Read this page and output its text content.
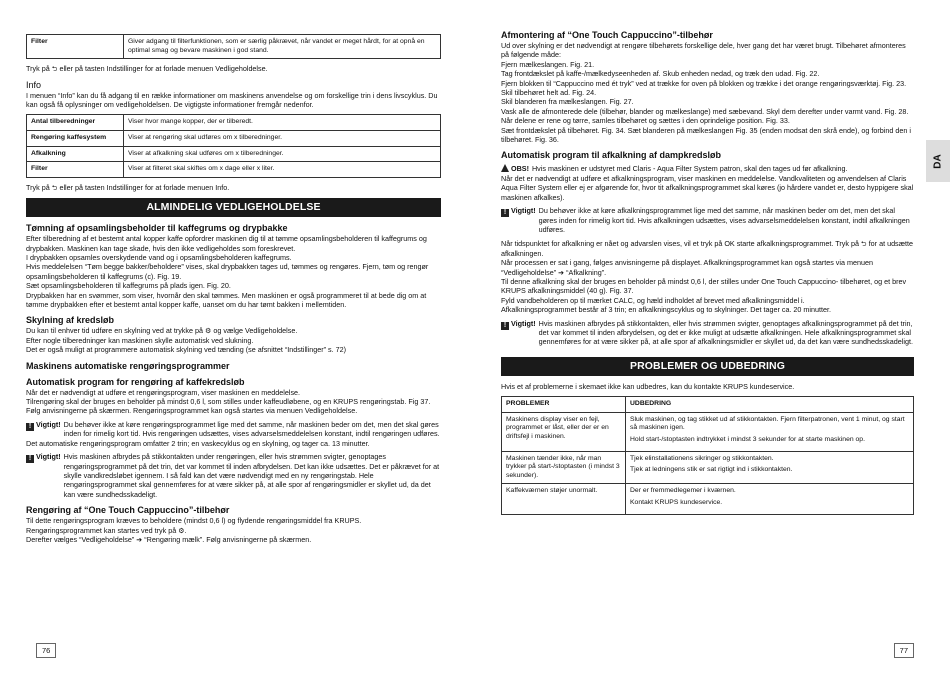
Filter	Giver adgang til filterfunktionen, som er særlig påkrævet, når vandet er meget hårdt, for at opnå en optimal smag og bevare maskinen i god stand.

Tryk på ⮌ eller på tasten Indstillinger for at forlade menuen Vedligeholdelse.

Info

I menuen “Info” kan du få adgang til en række informationer om maskinens anvendelse og om forskellige trin i dens livscyklus. Du kan også få oplysninger om vedligeholdelsen. De vigtigste informationer fremgår nedenfor.

Antal tilberedninger	Viser hvor mange kopper, der er tilberedt.
Rengøring kaffesystem	Viser at rengøring skal udføres om x tilberedninger.
Afkalkning	Viser at afkalkning skal udføres om x tilberedninger.
Filter	Viser at filteret skal skiftes om x dage eller x liter.

Tryk på ⮌ eller på tasten Indstillinger for at forlade menuen Info.

ALMINDELIG VEDLIGEHOLDELSE
Tømning af opsamlingsbeholder til kaffegrums og drypbakke

Efter tilberedning af et bestemt antal kopper kaffe opfordrer maskinen dig til at tømme opsamlingsbeholderen til kaffegrums og drypbakken. Maskinen kan tage skade, hvis den ikke vedligeholdes som foreskrevet.

I drypbakken opsamles overskydende vand og i opsamlingsbeholderen kaffegrums.

Hvis meddelelsen “Tøm beggе bakker/beholdere” vises, skal drypbakken tages ud, tømmes og rengøres. Fjern, tøm og rengør opsamlingsbeholderen til kaffegrums (c). Fig. 19.

Sæt opsamlingsbeholderen til kaffegrums på plads igen. Fig. 20.

Drypbakken har en svømmer, som viser, hvornår den skal tømmes. Men maskinen er også programmeret til at bede dig om at tømme drypbakken efter et bestemt antal kopper kaffe, uanset om du har tømt bakken i mellemtiden.

Skylning af kredsløb

Du kan til enhver tid udføre en skylning ved at trykke på ⚙ og vælge Vedligeholdelse.

Efter nogle tilberedninger kan maskinen skylle automatisk ved slukning.

Det er også muligt at programmere automatisk skylning ved tænding (se afsnittet “Indstillinger” s. 72)

Maskinens automatiske rengøringsprogrammer
Automatisk program for rengøring af kaffekredsløb

Når det er nødvendigt at udføre et rengøringsprogram, viser maskinen en meddelelse.

Tilrengøring skal der bruges en beholder på mindst 0,6 l, som stilles under kaffeudløbene, og en KRUPS rengøringstab. Fig 37. Følg anvisningerne på skærmen. Rengøringsprogrammet kan også startes via menuen Vedligeholdelse.

! Vigtigt! Du behøver ikke at køre rengøringsprogrammet lige med det samme, når maskinen beder om det, men det skal gøres inden for rimelig kort tid. Hvis rengøringen udsættes, vises advarselsmeddelelsen konstant, indtil rengøringen udføres.

Det automatiske rengøringsprogram omfatter 2 trin; en vaskecyklus og en skylning, og tager ca. 13 minutter.

! Vigtigt! Hvis maskinen afbrydes på stikkontakten under rengøringen, eller hvis strømmen svigter, genoptages rengøringsprogrammet på det trin, det var kommet til inden afbrydelsen. Det kan ikke udsættes. Det er påkrævet for at skylle vandkredsløbet igennem. I så fald kan det være nødvendigt med en ny rengøringstab. Hele rengøringsprogrammet skal gennemføres for at være sikker på, at alle spor af rengøringsmidler er skyllet ud, da det kan være sundhedsskadeligt.

Rengøring af “One Touch Cappuccino”-tilbehør

Til dette rengøringsprogram kræves to beholdere (mindst 0,6 l) og flydende rengøringsmiddel fra KRUPS.

Rengøringsprogrammet kan startes ved tryk på ⚙.

Derefter vælges “Vedligeholdelse” ➔ “Rengøring mælk”. Følg anvisningerne på skærmen.

76
Afmontering af “One Touch Cappuccino”-tilbehør

Ud over skylning er det nødvendigt at rengøre tilbehørets forskellige dele, hver gang det har været brugt. Tilbehøret afmonteres på følgende måde:

Fjern mælkeslangen. Fig. 21.

Tag frontdækslet på kaffe-/mælkedyseenheden af. Skub enheden nedad, og træk den udad. Fig. 22.

Fjern blokken til “Cappuccino med ét tryk” ved at trække for oven på blokken og trække i det orange rengøringsværktøj. Fig. 23.

Skil tilbehøret helt ad. Fig. 24.

Skil blanderen fra mælkeslangen. Fig. 27.

Vask alle de afmonterede dele (tilbehør, blander og mælkeslange) med sæbevand. Skyl dem derefter under varmt vand. Fig. 28.

Når delene er rene og tørre, samles tilbehøret og sættes i den oprindelige position. Fig. 33.

Sæt frontdækslet på tilbehøret. Fig. 34. Sæt blanderen på mælkeslangen Fig. 35 (enden modsat den skrå ende), og forbind den i tilbehøret. Fig. 36.

Automatisk program til afkalkning af dampkredsløb
OBS! Hvis maskinen er udstyret med Claris - Aqua Filter System patron, skal den tages ud før afkalkning.

Når det er nødvendigt at udføre et afkalkningsprogram, viser maskinen en meddelelse. Vandkvaliteten og anvendelsen af Claris Aqua Filter System eller ej er afgørende for, hvor tit afkalkningsprogrammet skal køres (jo hårdere vandet er, desto hyppigere skal maskinen afkalkes).

! Vigtigt! Du behøver ikke at køre afkalkningsprogrammet lige med det samme, når maskinen beder om det, men det skal gøres inden for rimelig kort tid. Hvis afkalkningen udsættes, vises advarselsmeddelelsen konstant, indtil afkalkningen udføres.

Når tidspunktet for afkalkning er nået og advarslen vises, vil et tryk på OK starte afkalkningsprogrammet. Tryk på ⮌ for at udsætte afkalkningen.

Når processen er sat i gang, følges anvisningerne på displayet. Afkalkningsprogrammet kan også startes via menuen “Vedligeholdelse” ➔ “Afkalkning”.

Til denne afkalkning skal der bruges en beholder på mindst 0,6 l, der stilles under One Touch Cappuccino- tilbehøret, og et brev KRUPS afkalkningsmiddel (40 g). Fig. 37.

Fyld vandbeholderen op til mærket CALC, og hæld indholdet af brevet med afkalkningsmiddel i.

Afkalkningsprogrammet består af 3 trin; en afkalkningscyklus og to skylninger. Det tager ca. 20 minutter.

! Vigtigt! Hvis maskinen afbrydes på stikkontakten, eller hvis strømmen svigter, genoptages afkalkningsprogrammet på det trin, det var kommet til inden afbrydelsen, og det er ikke muligt at udsætte afkalkningen. Hele afkalkningsprogrammet skal gennemføres for at være sikker på, at alle spor af afkalkningsmidler er skyllet ud, da det kan være sundhedsskadeligt.

PROBLEMER OG UDBEDRING

Hvis et af problemerne i skemaet ikke kan udbedres, kan du kontakte KRUPS kundeservice.

PROBLEMER	UDBEDRING
Maskinens display viser en fejl, programmet er låst, eller der er en driftsfejl i maskinen.	Sluk maskinen, og tag stikket ud af stikkontakten. Fjern filterpatronen, vent 1 minut, og start så maskinen igen.

Hold start-/stoptasten indtrykket i mindst 3 sekunder for at starte maskinen op.

Maskinen tænder ikke, når man trykker på start-/stoptasten (i mindst 3 sekunder).	Tjek elinstallationens sikringer og stikkontakten.

Tjek at ledningens stik er sat rigtigt ind i stikkontakten.

Kaffekværnen støjer unormalt.	Der er fremmedlegemer i kværnen.

Kontakt KRUPS kundeservice.

DA
77
